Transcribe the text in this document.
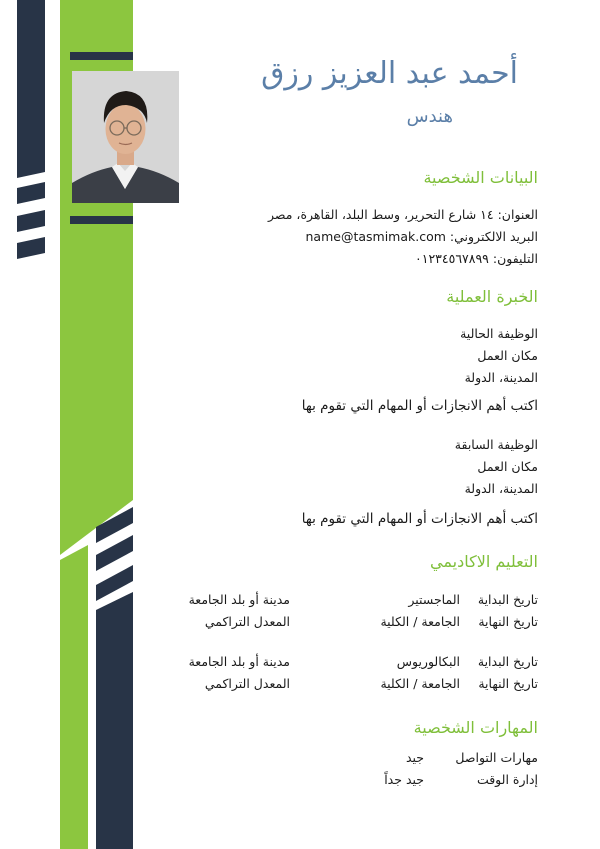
أحمد عبد العزيز رزق
هندس
البيانات الشخصية
العنوان: ١٤ شارع التحرير، وسط البلد، القاهرة، مصر
البريد الالكتروني: name@tasmimak.com
التليفون: ٠١٢٣٤٥٦٧٨٩٩
الخبرة العملية
الوظيفة الحالية
مكان العمل
المدينة، الدولة
اكتب أهم الانجازات أو المهام التي تقوم بها
الوظيفة السابقة
مكان العمل
المدينة، الدولة
اكتب أهم الانجازات أو المهام التي تقوم بها
التعليم الاكاديمي
تاريخ البداية
تاريخ النهاية
الماجستير
الجامعة / الكلية
مدينة أو بلد الجامعة
المعدل التراكمي
تاريخ البداية
تاريخ النهاية
البكالوريوس
الجامعة / الكلية
مدينة أو بلد الجامعة
المعدل التراكمي
المهارات الشخصية
مهارات التواصل
جيد
إدارة الوقت
جيد جداً
